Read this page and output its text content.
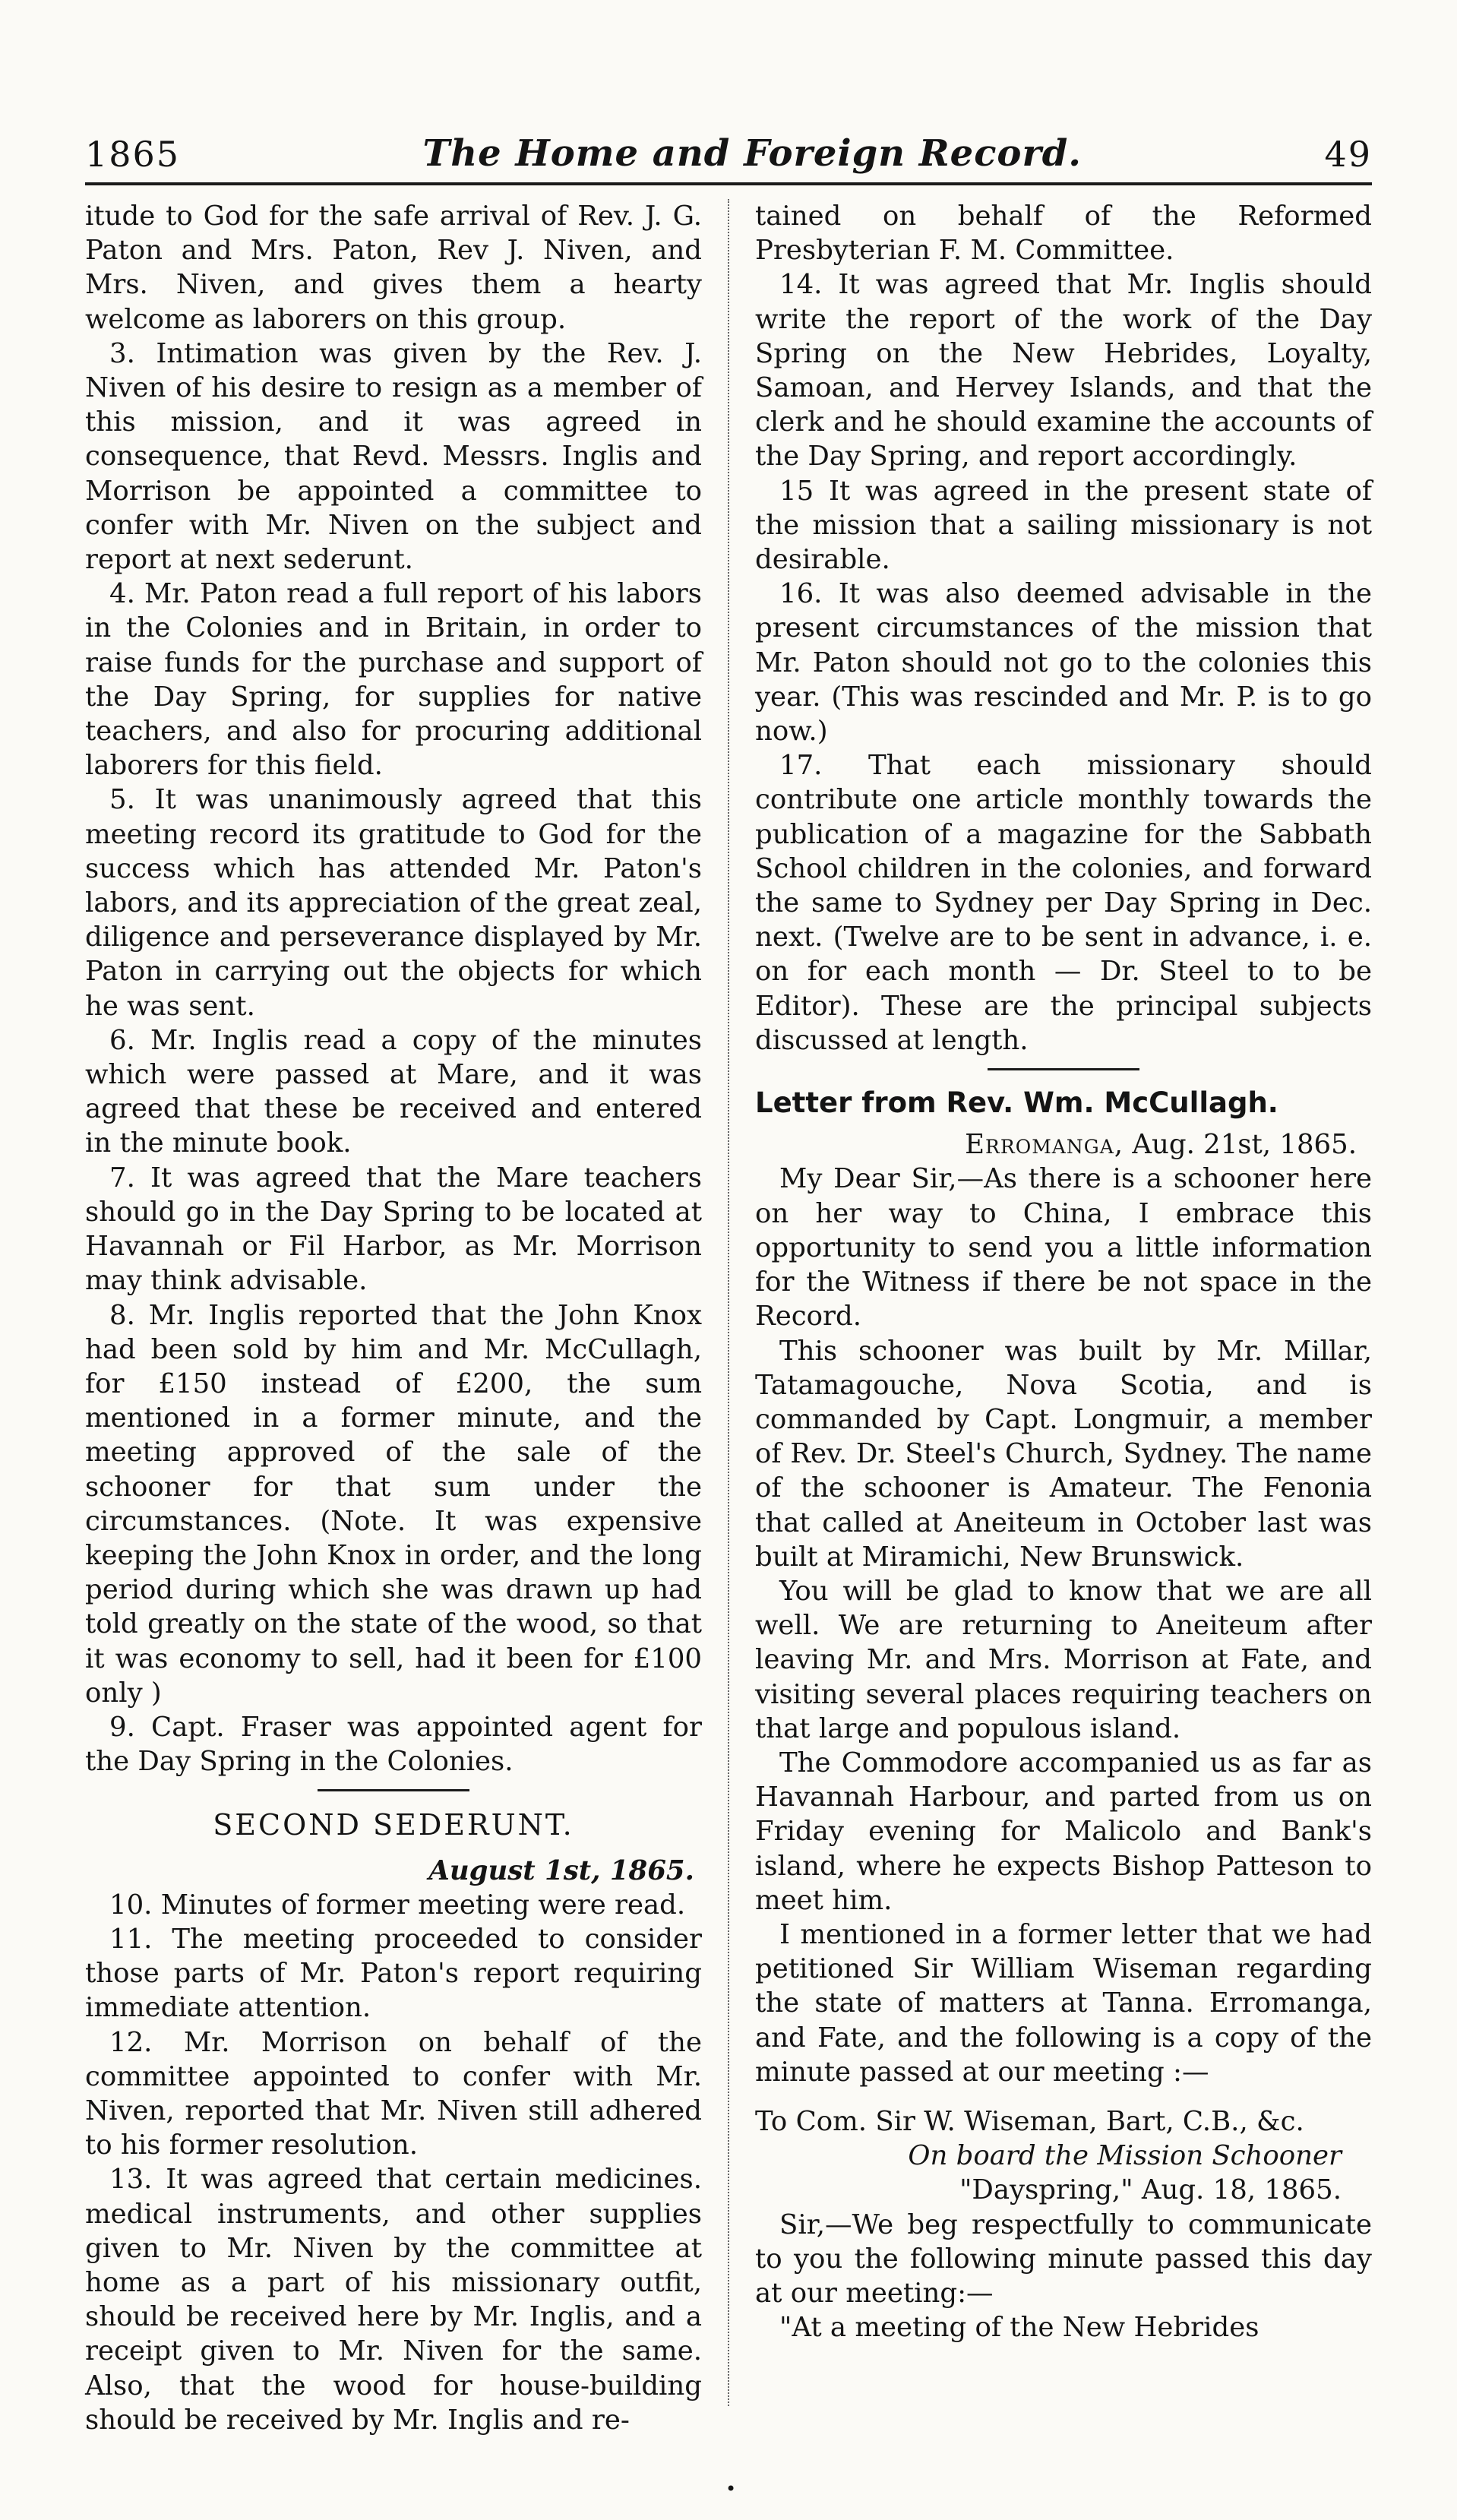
1865	The Home and Foreign Record.	49

itude to God for the safe arrival of Rev. J. G. Paton and Mrs. Paton, Rev J. Niven, and Mrs. Niven, and gives them a hearty welcome as laborers on this group.

3. Intimation was given by the Rev. J. Niven of his desire to resign as a member of this mission, and it was agreed in consequence, that Revd. Messrs. Inglis and Morrison be appointed a committee to confer with Mr. Niven on the subject and report at next sederunt.

4. Mr. Paton read a full report of his labors in the Colonies and in Britain, in order to raise funds for the purchase and support of the Day Spring, for supplies for native teachers, and also for procuring additional laborers for this field.

5. It was unanimously agreed that this meeting record its gratitude to God for the success which has attended Mr. Paton's labors, and its appreciation of the great zeal, diligence and perseverance displayed by Mr. Paton in carrying out the objects for which he was sent.

6. Mr. Inglis read a copy of the minutes which were passed at Mare, and it was agreed that these be received and entered in the minute book.

7. It was agreed that the Mare teachers should go in the Day Spring to be located at Havannah or Fil Harbor, as Mr. Morrison may think advisable.

8. Mr. Inglis reported that the John Knox had been sold by him and Mr. McCullagh, for £150 instead of £200, the sum mentioned in a former minute, and the meeting approved of the sale of the schooner for that sum under the circumstances. (Note. It was expensive keeping the John Knox in order, and the long period during which she was drawn up had told greatly on the state of the wood, so that it was economy to sell, had it been for £100 only )

9. Capt. Fraser was appointed agent for the Day Spring in the Colonies.

SECOND SEDERUNT.
August 1st, 1865.

10. Minutes of former meeting were read.

11. The meeting proceeded to consider those parts of Mr. Paton's report requiring immediate attention.

12. Mr. Morrison on behalf of the committee appointed to confer with Mr. Niven, reported that Mr. Niven still adhered to his former resolution.

13. It was agreed that certain medicines. medical instruments, and other supplies given to Mr. Niven by the committee at home as a part of his missionary outfit, should be received here by Mr. Inglis, and a receipt given to Mr. Niven for the same. Also, that the wood for house-building should be received by Mr. Inglis and re-

tained on behalf of the Reformed Presbyterian F. M. Committee.

14. It was agreed that Mr. Inglis should write the report of the work of the Day Spring on the New Hebrides, Loyalty, Samoan, and Hervey Islands, and that the clerk and he should examine the accounts of the Day Spring, and report accordingly.

15 It was agreed in the present state of the mission that a sailing missionary is not desirable.

16. It was also deemed advisable in the present circumstances of the mission that Mr. Paton should not go to the colonies this year. (This was rescinded and Mr. P. is to go now.)

17. That each missionary should contribute one article monthly towards the publication of a magazine for the Sabbath School children in the colonies, and forward the same to Sydney per Day Spring in Dec. next. (Twelve are to be sent in advance, i. e. on for each month — Dr. Steel to to be Editor). These are the principal subjects discussed at length.

Letter from Rev. Wm. McCullagh.
Erromanga, Aug. 21st, 1865.

My Dear Sir,—As there is a schooner here on her way to China, I embrace this opportunity to send you a little information for the Witness if there be not space in the Record.

This schooner was built by Mr. Millar, Tatamagouche, Nova Scotia, and is commanded by Capt. Longmuir, a member of Rev. Dr. Steel's Church, Sydney. The name of the schooner is Amateur. The Fenonia that called at Aneiteum in October last was built at Miramichi, New Brunswick.

You will be glad to know that we are all well. We are returning to Aneiteum after leaving Mr. and Mrs. Morrison at Fate, and visiting several places requiring teachers on that large and populous island.

The Commodore accompanied us as far as Havannah Harbour, and parted from us on Friday evening for Malicolo and Bank's island, where he expects Bishop Patteson to meet him.

I mentioned in a former letter that we had petitioned Sir William Wiseman regarding the state of matters at Tanna. Erromanga, and Fate, and the following is a copy of the minute passed at our meeting :—

To Com. Sir W. Wiseman, Bart, C.B., &c.
On board the Mission Schooner
"Dayspring," Aug. 18, 1865.

Sir,—We beg respectfully to communicate to you the following minute passed this day at our meeting:—

"At a meeting of the New Hebrides

•
